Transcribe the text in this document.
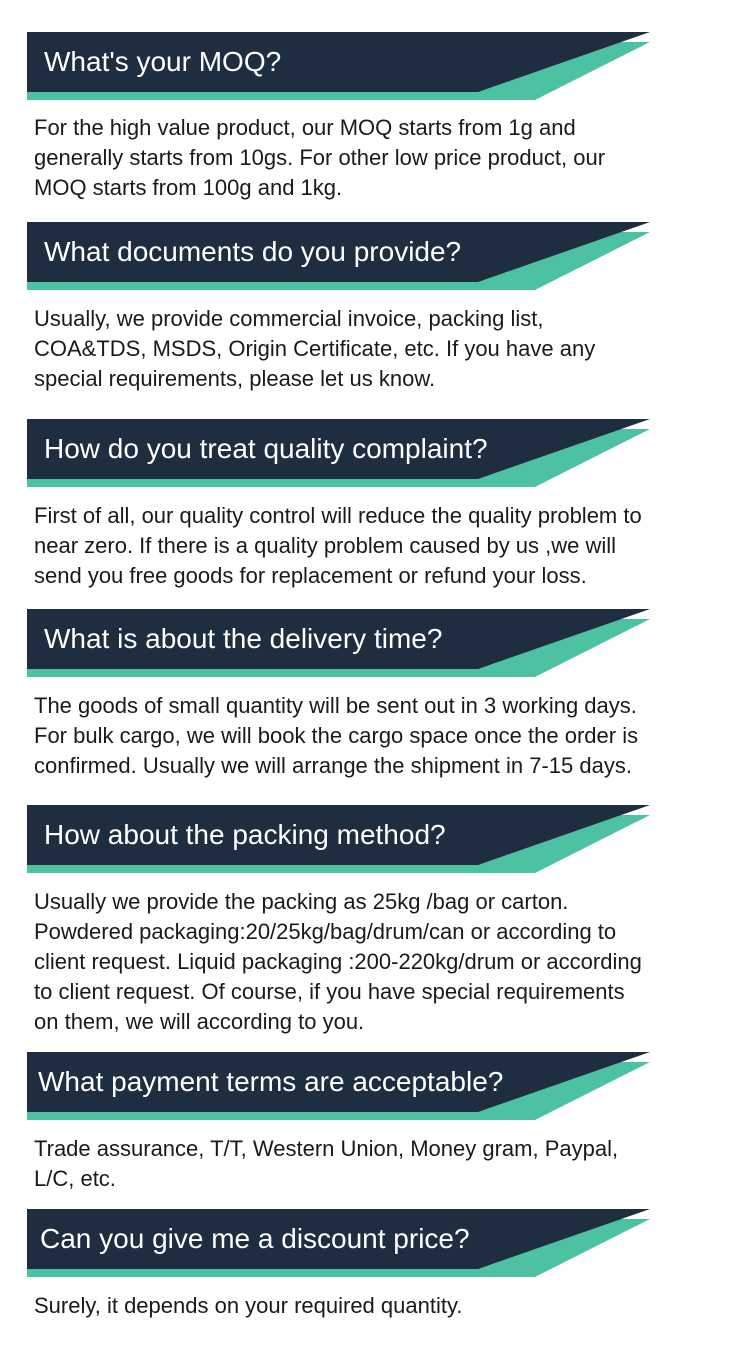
What's your MOQ?

For the high value product, our MOQ starts from 1g and
generally starts from 10gs. For other low price product, our
MOQ starts from 100g and 1kg.

What documents do you provide?

Usually, we provide commercial invoice, packing list,
COA&TDS, MSDS, Origin Certificate, etc. If you have any
special requirements, please let us know.

How do you treat quality complaint?

First of all, our quality control will reduce the quality problem to
near zero. If there is a quality problem caused by us ,we will
send you free goods for replacement or refund your loss.

What is about the delivery time?

The goods of small quantity will be sent out in 3 working days.
For bulk cargo, we will book the cargo space once the order is
confirmed. Usually we will arrange the shipment in 7-15 days.

How about the packing method?

Usually we provide the packing as 25kg /bag or carton.
Powdered packaging:20/25kg/bag/drum/can or according to
client request. Liquid packaging :200-220kg/drum or according
to client request. Of course, if you have special requirements
on them, we will according to you.

What payment terms are acceptable?

Trade assurance, T/T, Western Union, Money gram, Paypal,
L/C, etc.

Can you give me a discount price?

Surely, it depends on your required quantity.
